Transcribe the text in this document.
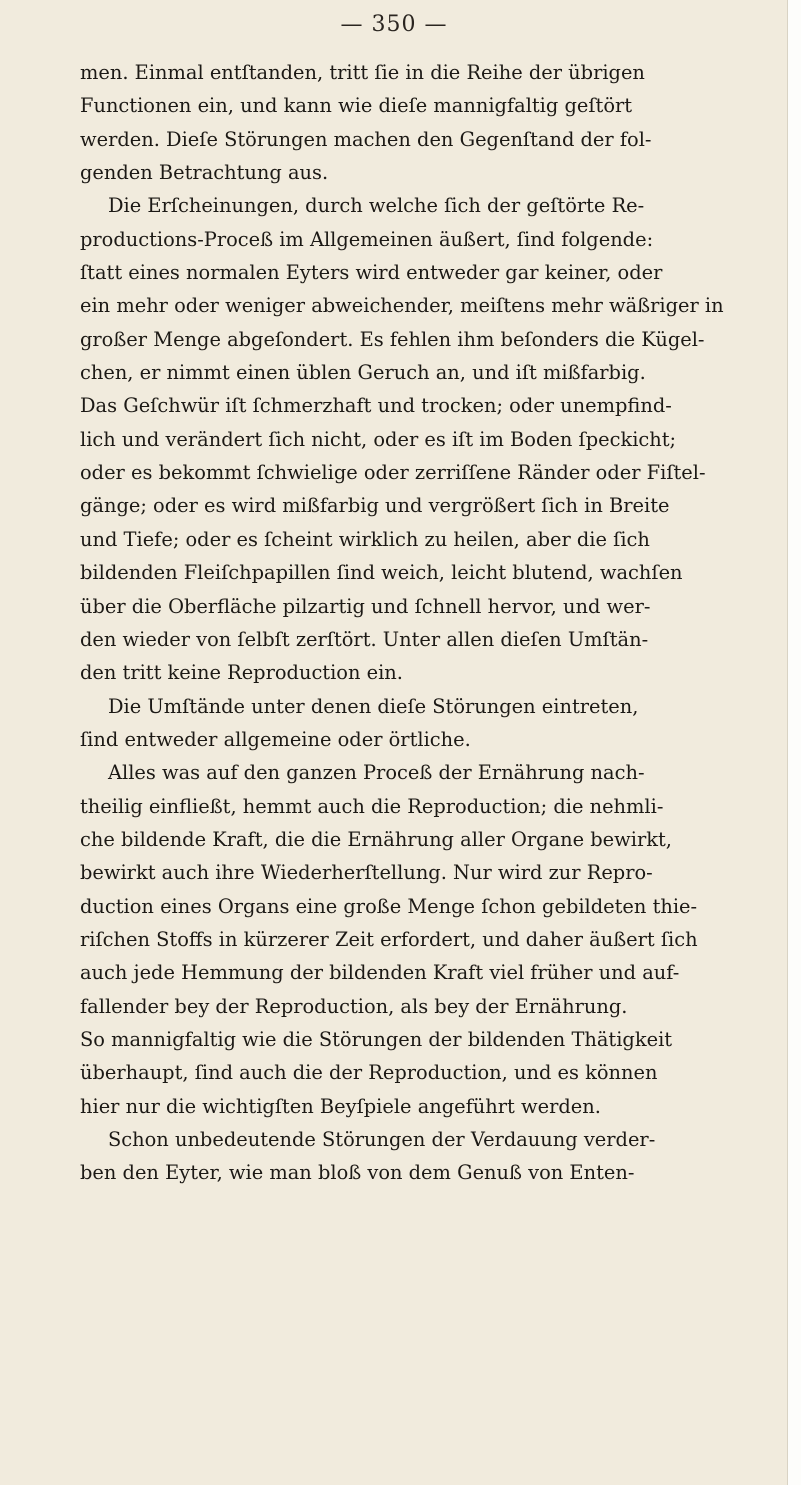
— 350 —

men. Einmal entſtanden, tritt ſie in die Reihe der übrigen
Functionen ein, und kann wie dieſe mannigfaltig geſtört
werden. Dieſe Störungen machen den Gegenſtand der fol-
genden Betrachtung aus.

Die Erſcheinungen, durch welche ſich der geſtörte Re-
productions-Proceß im Allgemeinen äußert, ſind folgende:
ſtatt eines normalen Eyters wird entweder gar keiner, oder
ein mehr oder weniger abweichender, meiſtens mehr wäßriger in
großer Menge abgeſondert. Es fehlen ihm beſonders die Kügel-
chen, er nimmt einen üblen Geruch an, und iſt mißfarbig.
Das Geſchwür iſt ſchmerzhaft und trocken; oder unempfind-
lich und verändert ſich nicht, oder es iſt im Boden ſpeckicht;
oder es bekommt ſchwielige oder zerriſſene Ränder oder Fiſtel-
gänge; oder es wird mißfarbig und vergrößert ſich in Breite
und Tiefe; oder es ſcheint wirklich zu heilen, aber die ſich
bildenden Fleiſchpapillen ſind weich, leicht blutend, wachſen
über die Oberfläche pilzartig und ſchnell hervor, und wer-
den wieder von ſelbſt zerſtört. Unter allen dieſen Umſtän-
den tritt keine Reproduction ein.

Die Umſtände unter denen dieſe Störungen eintreten,
ſind entweder allgemeine oder örtliche.

Alles was auf den ganzen Proceß der Ernährung nach-
theilig einfließt, hemmt auch die Reproduction; die nehmli-
che bildende Kraft, die die Ernährung aller Organe bewirkt,
bewirkt auch ihre Wiederherſtellung. Nur wird zur Repro-
duction eines Organs eine große Menge ſchon gebildeten thie-
riſchen Stoffs in kürzerer Zeit erfordert, und daher äußert ſich
auch jede Hemmung der bildenden Kraft viel früher und auf-
fallender bey der Reproduction, als bey der Ernährung.
So mannigfaltig wie die Störungen der bildenden Thätigkeit
überhaupt, ſind auch die der Reproduction, und es können
hier nur die wichtigſten Beyſpiele angeführt werden.

Schon unbedeutende Störungen der Verdauung verder-
ben den Eyter, wie man bloß von dem Genuß von Enten-
